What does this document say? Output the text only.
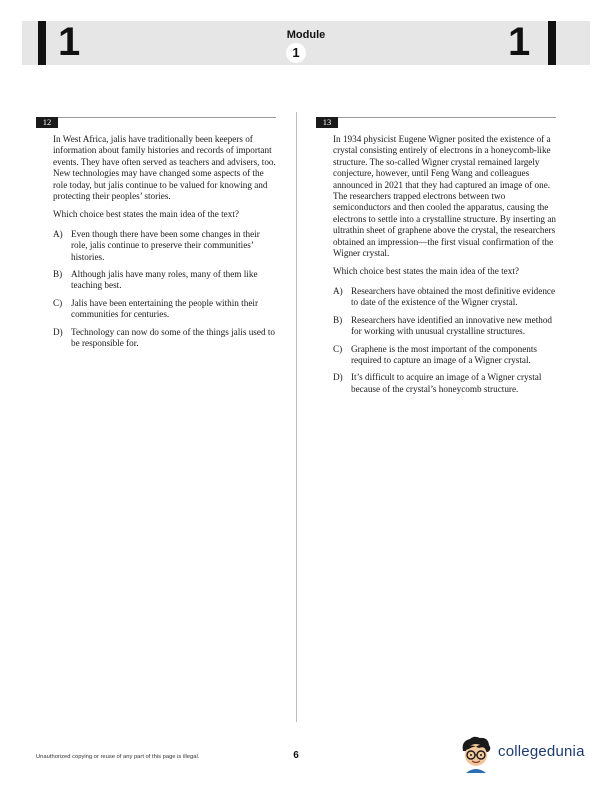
1	Module
1	1
12

In West Africa, jalis have traditionally been keepers of information about family histories and records of important events. They have often served as teachers and advisers, too. New technologies may have changed some aspects of the role today, but jalis continue to be valued for knowing and protecting their peoples’ stories.

Which choice best states the main idea of the text?

A) Even though there have been some changes in their role, jalis continue to preserve their communities’ histories.
B) Although jalis have many roles, many of them like teaching best.
C) Jalis have been entertaining the people within their communities for centuries.
D) Technology can now do some of the things jalis used to be responsible for.
13

In 1934 physicist Eugene Wigner posited the existence of a crystal consisting entirely of electrons in a honeycomb-like structure. The so-called Wigner crystal remained largely conjecture, however, until Feng Wang and colleagues announced in 2021 that they had captured an image of one. The researchers trapped electrons between two semiconductors and then cooled the apparatus, causing the electrons to settle into a crystalline structure. By inserting an ultrathin sheet of graphene above the crystal, the researchers obtained an impression—the first visual confirmation of the Wigner crystal.

Which choice best states the main idea of the text?

A) Researchers have obtained the most definitive evidence to date of the existence of the Wigner crystal.
B) Researchers have identified an innovative new method for working with unusual crystalline structures.
C) Graphene is the most important of the components required to capture an image of a Wigner crystal.
D) It’s difficult to acquire an image of a Wigner crystal because of the crystal’s honeycomb structure.
Unauthorized copying or reuse of any part of this page is illegal.	6	collegedunia
